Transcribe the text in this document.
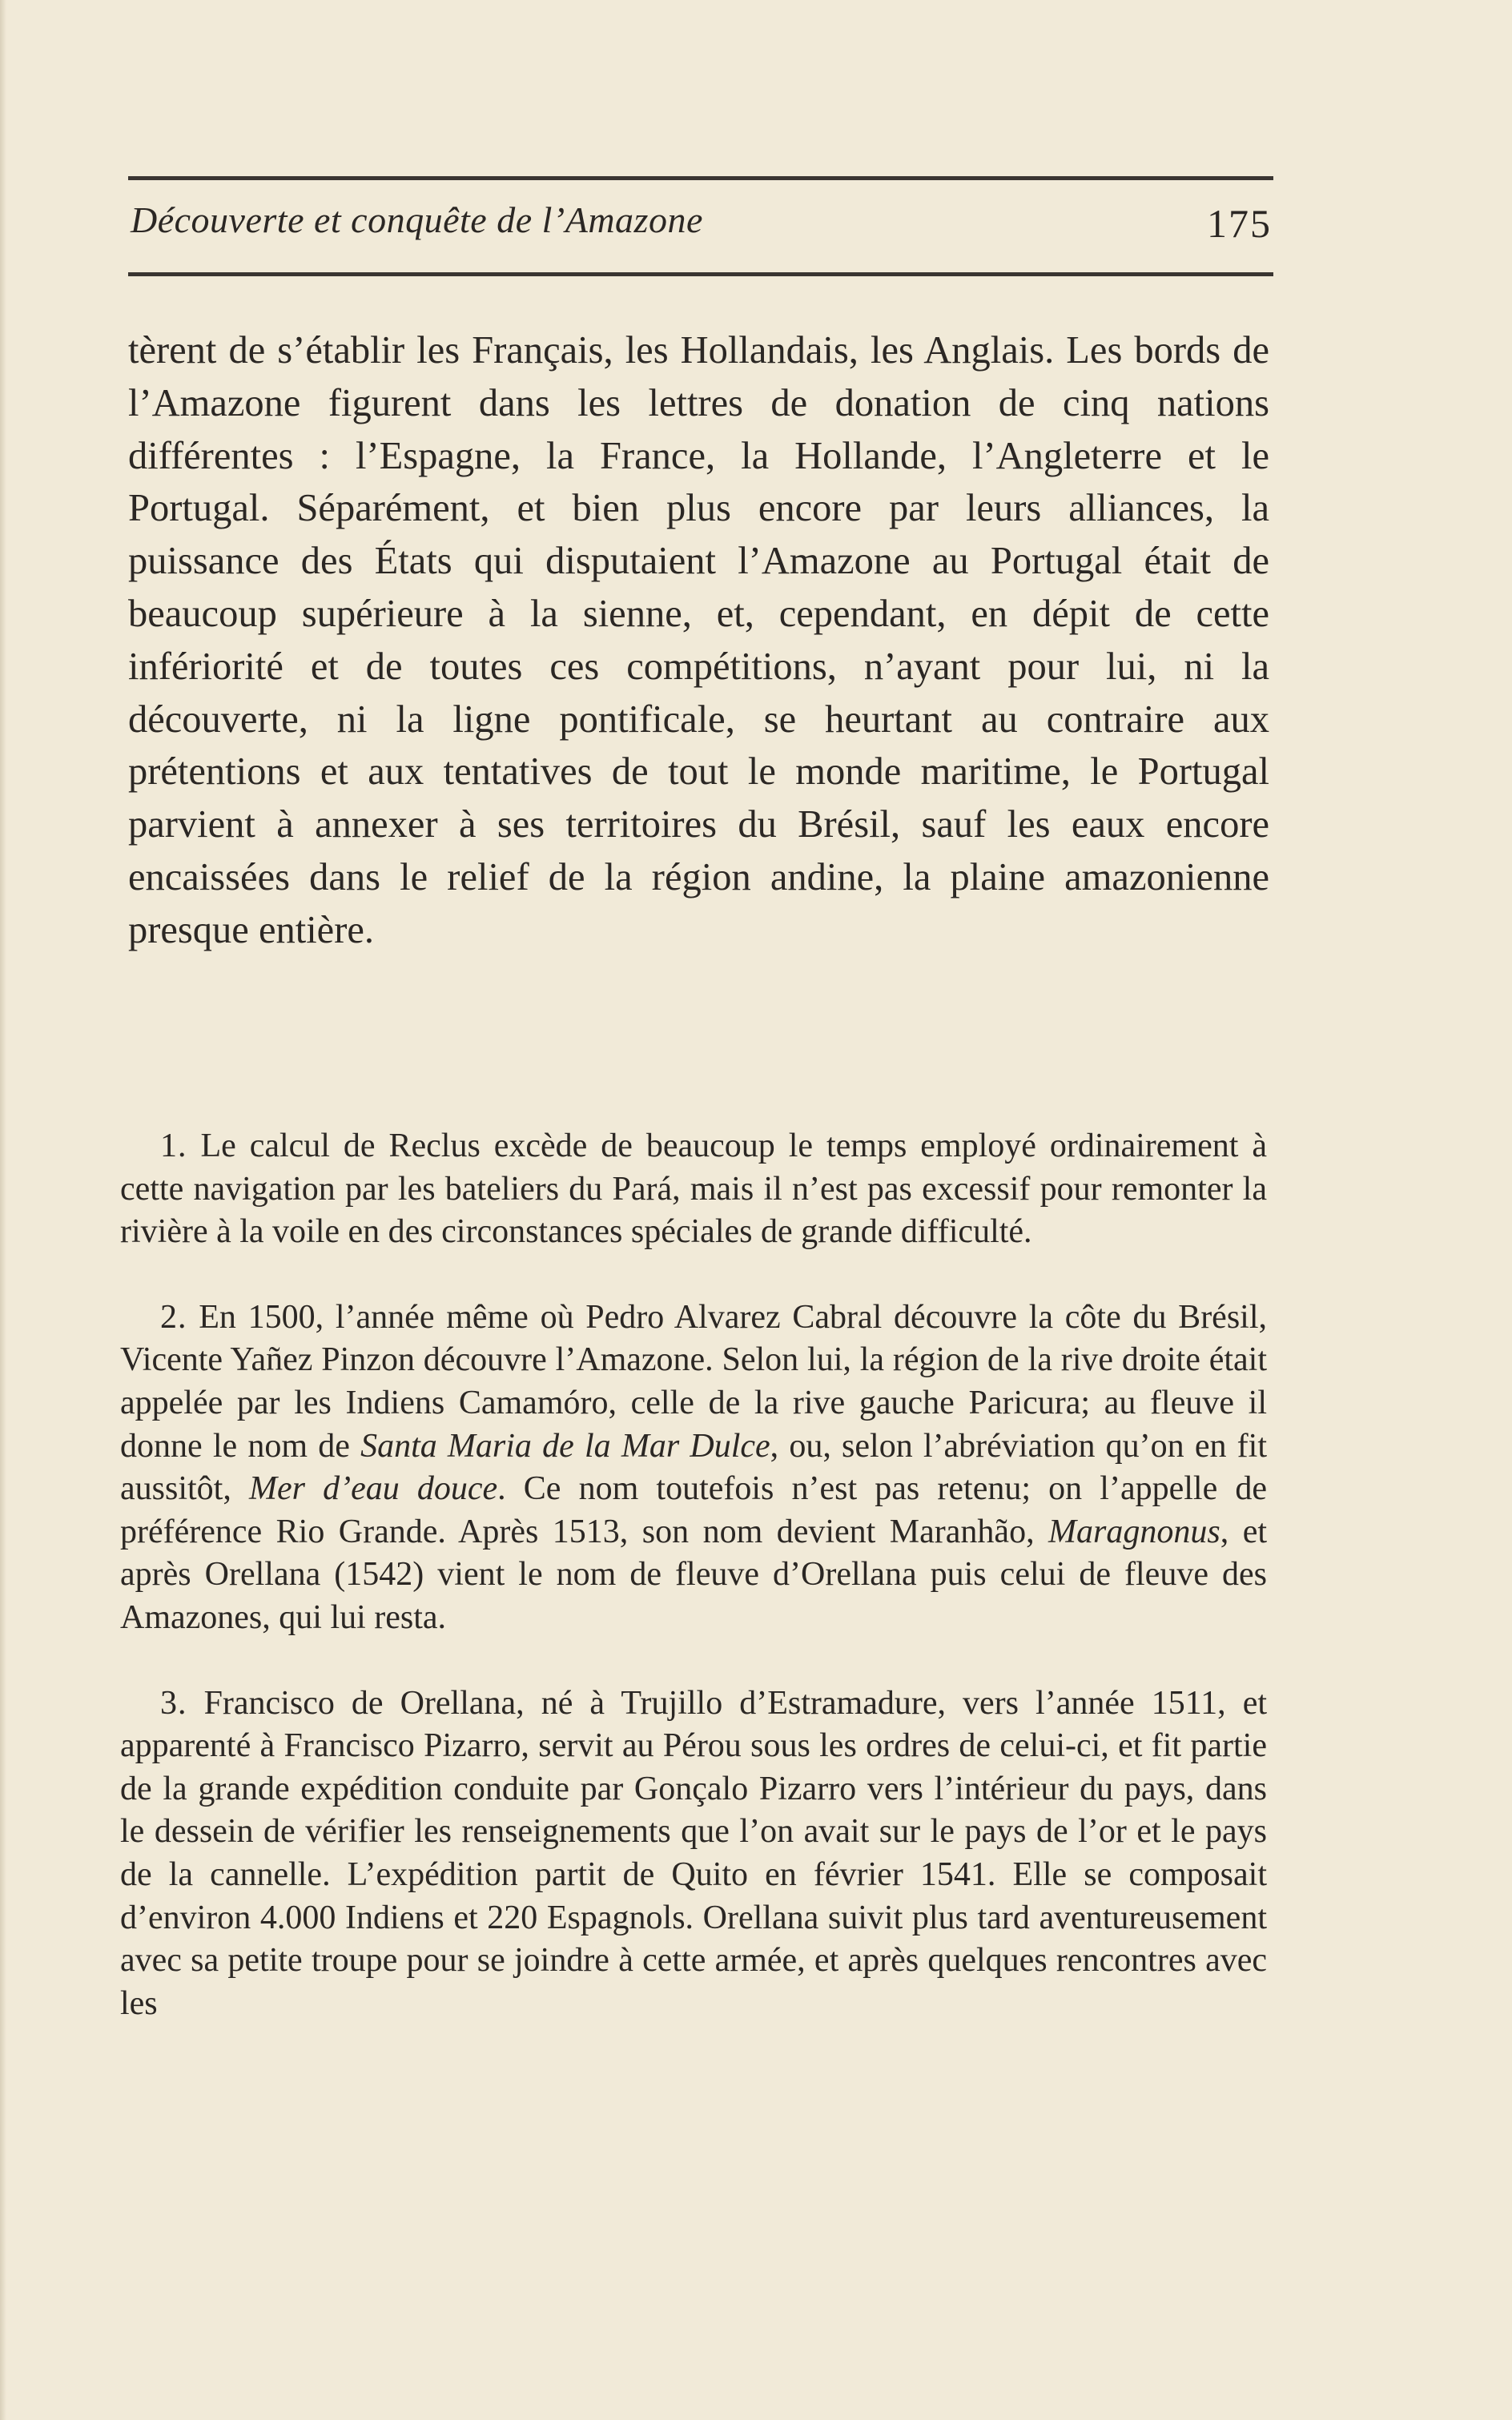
Découverte et conquête de l’Amazone	175
tèrent de s’établir les Français, les Hollandais, les Anglais. Les bords de l’Amazone figurent dans les lettres de donation de cinq nations différentes : l’Espagne, la France, la Hollande, l’Angleterre et le Portugal. Séparément, et bien plus encore par leurs alliances, la puissance des États qui disputaient l’Amazone au Portugal était de beaucoup supérieure à la sienne, et, cependant, en dépit de cette infériorité et de toutes ces compétitions, n’ayant pour lui, ni la découverte, ni la ligne pontificale, se heurtant au contraire aux prétentions et aux tentatives de tout le monde maritime, le Portugal parvient à annexer à ses territoires du Brésil, sauf les eaux encore encaissées dans le relief de la région andine, la plaine amazonienne presque entière.

1. Le calcul de Reclus excède de beaucoup le temps employé ordinairement à cette navigation par les bateliers du Pará, mais il n’est pas excessif pour remonter la rivière à la voile en des circonstances spéciales de grande difficulté.

2. En 1500, l’année même où Pedro Alvarez Cabral découvre la côte du Brésil, Vicente Yañez Pinzon découvre l’Amazone. Selon lui, la région de la rive droite était appelée par les Indiens Camamóro, celle de la rive gauche Paricura; au fleuve il donne le nom de Santa Maria de la Mar Dulce, ou, selon l’abréviation qu’on en fit aussitôt, Mer d’eau douce. Ce nom toutefois n’est pas retenu; on l’appelle de préférence Rio Grande. Après 1513, son nom devient Maranhão, Maragnonus, et après Orellana (1542) vient le nom de fleuve d’Orellana puis celui de fleuve des Amazones, qui lui resta.

3. Francisco de Orellana, né à Trujillo d’Estramadure, vers l’année 1511, et apparenté à Francisco Pizarro, servit au Pérou sous les ordres de celui-ci, et fit partie de la grande expédition conduite par Gonçalo Pizarro vers l’intérieur du pays, dans le dessein de vérifier les renseignements que l’on avait sur le pays de l’or et le pays de la cannelle. L’expédition partit de Quito en février 1541. Elle se composait d’environ 4.000 Indiens et 220 Espagnols. Orellana suivit plus tard aventureusement avec sa petite troupe pour se joindre à cette armée, et après quelques rencontres avec les
